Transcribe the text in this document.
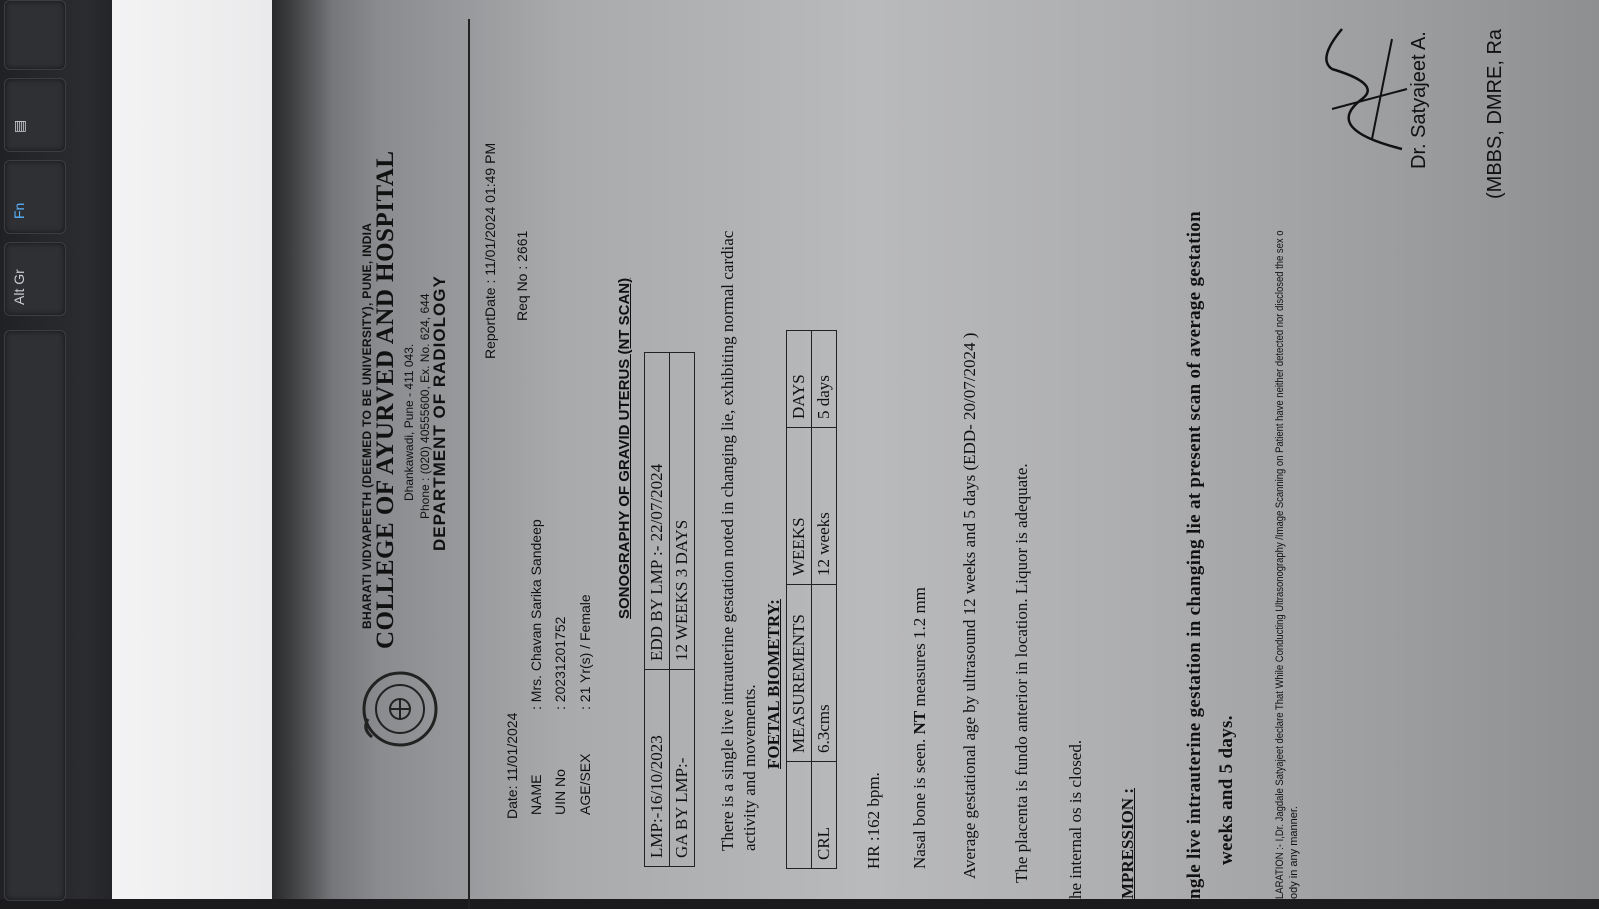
Alt Gr
Fn
▤
BHARATI VIDYAPEETH (DEEMED TO BE UNIVERSITY), PUNE, INDIA
COLLEGE OF AYURVED AND HOSPITAL Dhankawadi, Pune - 411 043. Phone : (020) 40555600, Ex. No. 624, 644
DEPARTMENT OF RADIOLOGY
Date: 11/01/2024
ReportDate : 11/01/2024 01:49 PM
NAME
: Mrs. Chavan Sarika Sandeep
UIN No
: 20231201752
AGE/SEX
: 21 Yr(s) / Female
Req No : 2661
SONOGRAPHY OF GRAVID UTERUS (NT SCAN)
LMP:-16/10/2023	EDD BY LMP :- 22/07/2024
GA BY LMP:-	12 WEEKS 3 DAYS There is a single live intrauterine gestation noted in changing lie, exhibiting normal cardiac activity and movements. FOETAL BIOMETRY:
	MEASUREMENTS	WEEKS	DAYS
CRL	6.3cms	12 weeks	5 days
HR :162 bpm. Nasal bone is seen. NT measures 1.2 mm Average gestational age by ultrasound 12 weeks and 5 days (EDD- 20/07/2024 ) The placenta is fundo anterior in location. Liquor is adequate. he internal os is closed. MPRESSION : ngle live intrauterine gestation in changing lie at present scan of average gestation weeks and 5 days.	LARATION :- I,Dr. Jagdale Satyajeet declare That While Conducting Ultrasonography /Image Scanning on Patient have neither detected nor disclosed the sex o ody in any manner.
Dr. Satyajeet A.	(MBBS, DMRE, Ra
